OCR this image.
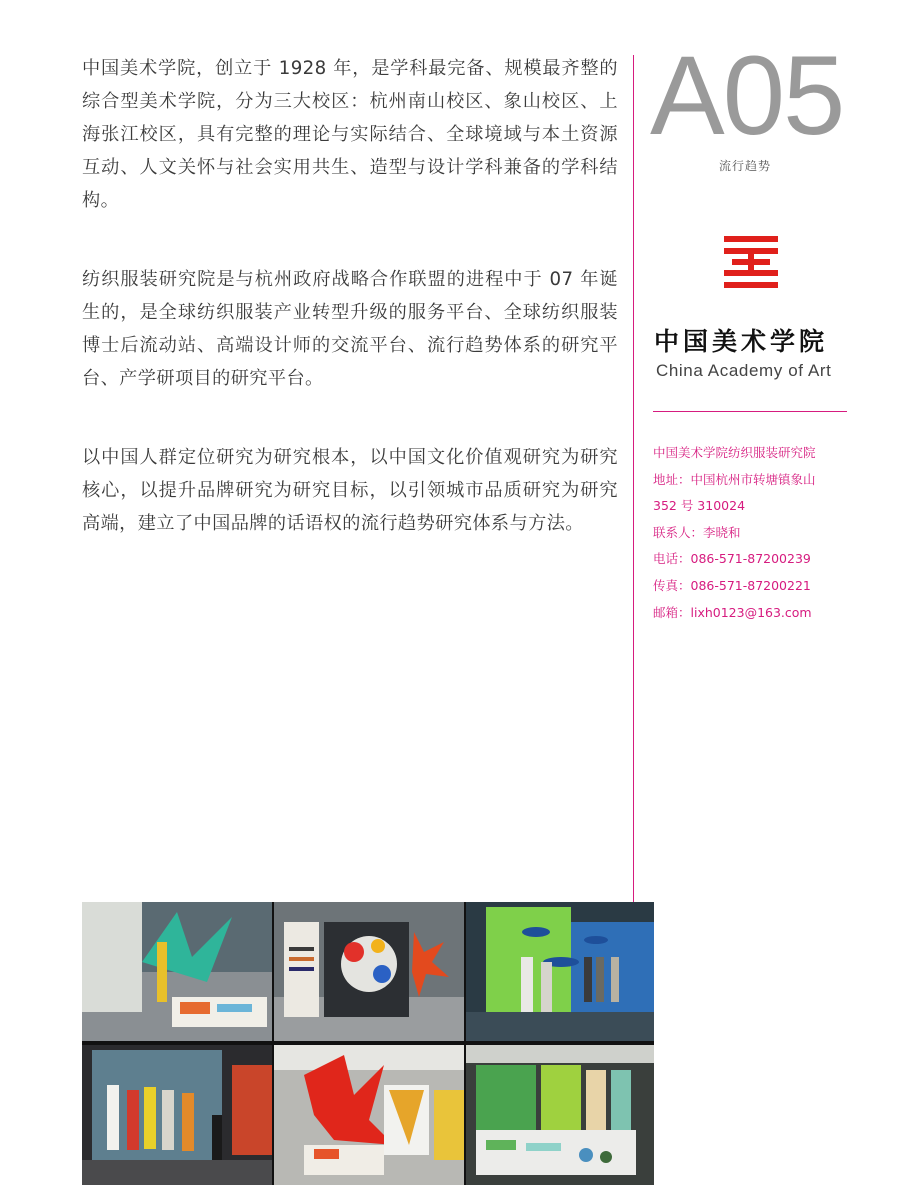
中国美术学院，创立于 1928 年，是学科最完备、规模最齐整的综合型美术学院，分为三大校区：杭州南山校区、象山校区、上海张江校区，具有完整的理论与实际结合、全球境域与本土资源互动、人文关怀与社会实用共生、造型与设计学科兼备的学科结构。

纺织服装研究院是与杭州政府战略合作联盟的进程中于 07 年诞生的，是全球纺织服装产业转型升级的服务平台、全球纺织服装博士后流动站、高端设计师的交流平台、流行趋势体系的研究平台、产学研项目的研究平台。

以中国人群定位研究为研究根本，以中国文化价值观研究为研究核心，以提升品牌研究为研究目标，以引领城市品质研究为研究高端，建立了中国品牌的话语权的流行趋势研究体系与方法。

A05
流行趋势
中国美术学院
China Academy of Art
中国美术学院纺织服装研究院
地址：中国杭州市转塘镇象山
352 号 310024
联系人：李晓和
电话：086-571-87200239
传真：086-571-87200221
邮箱：lixh0123@163.com
